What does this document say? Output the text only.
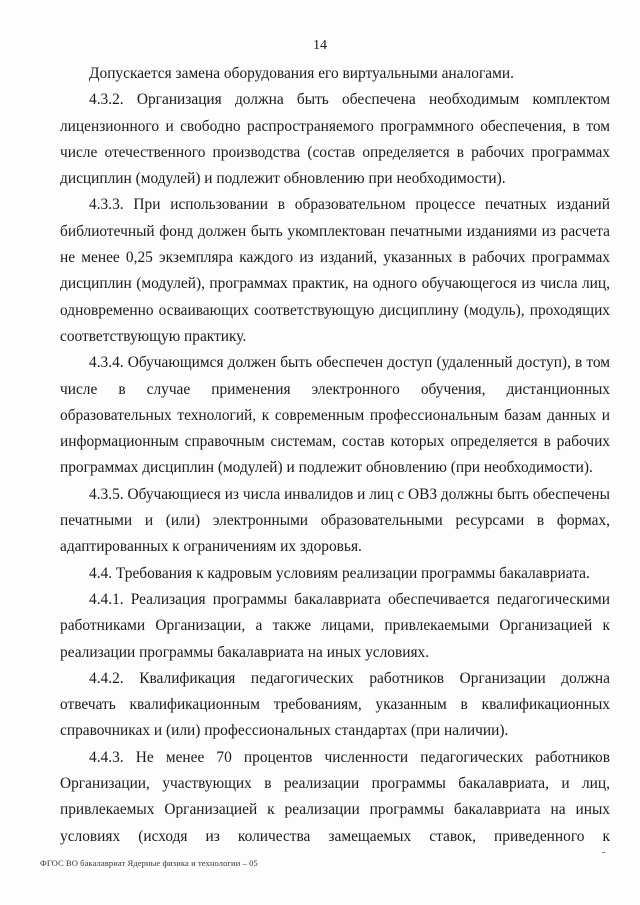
14

Допускается замена оборудования его виртуальными аналогами.

4.3.2. Организация должна быть обеспечена необходимым комплектом лицензионного и свободно распространяемого программного обеспечения, в том числе отечественного производства (состав определяется в рабочих программах дисциплин (модулей) и подлежит обновлению при необходимости).

4.3.3. При использовании в образовательном процессе печатных изданий библиотечный фонд должен быть укомплектован печатными изданиями из расчета не менее 0,25 экземпляра каждого из изданий, указанных в рабочих программах дисциплин (модулей), программах практик, на одного обучающегося из числа лиц, одновременно осваивающих соответствующую дисциплину (модуль), проходящих соответствующую практику.

4.3.4. Обучающимся должен быть обеспечен доступ (удаленный доступ), в том числе в случае применения электронного обучения, дистанционных образовательных технологий, к современным профессиональным базам данных и информационным справочным системам, состав которых определяется в рабочих программах дисциплин (модулей) и подлежит обновлению (при необходимости).

4.3.5. Обучающиеся из числа инвалидов и лиц с ОВЗ должны быть обеспечены печатными и (или) электронными образовательными ресурсами в формах, адаптированных к ограничениям их здоровья.

4.4. Требования к кадровым условиям реализации программы бакалавриата.

4.4.1. Реализация программы бакалавриата обеспечивается педагогическими работниками Организации, а также лицами, привлекаемыми Организацией к реализации программы бакалавриата на иных условиях.

4.4.2. Квалификация педагогических работников Организации должна отвечать квалификационным требованиям, указанным в квалификационных справочниках и (или) профессиональных стандартах (при наличии).

4.4.3. Не менее 70 процентов численности педагогических работников Организации, участвующих в реализации программы бакалавриата, и лиц, привлекаемых Организацией к реализации программы бакалавриата на иных условиях (исходя из количества замещаемых ставок, приведенного к

ФГОС ВО бакалавриат Ядерные физика и технологии – 05
